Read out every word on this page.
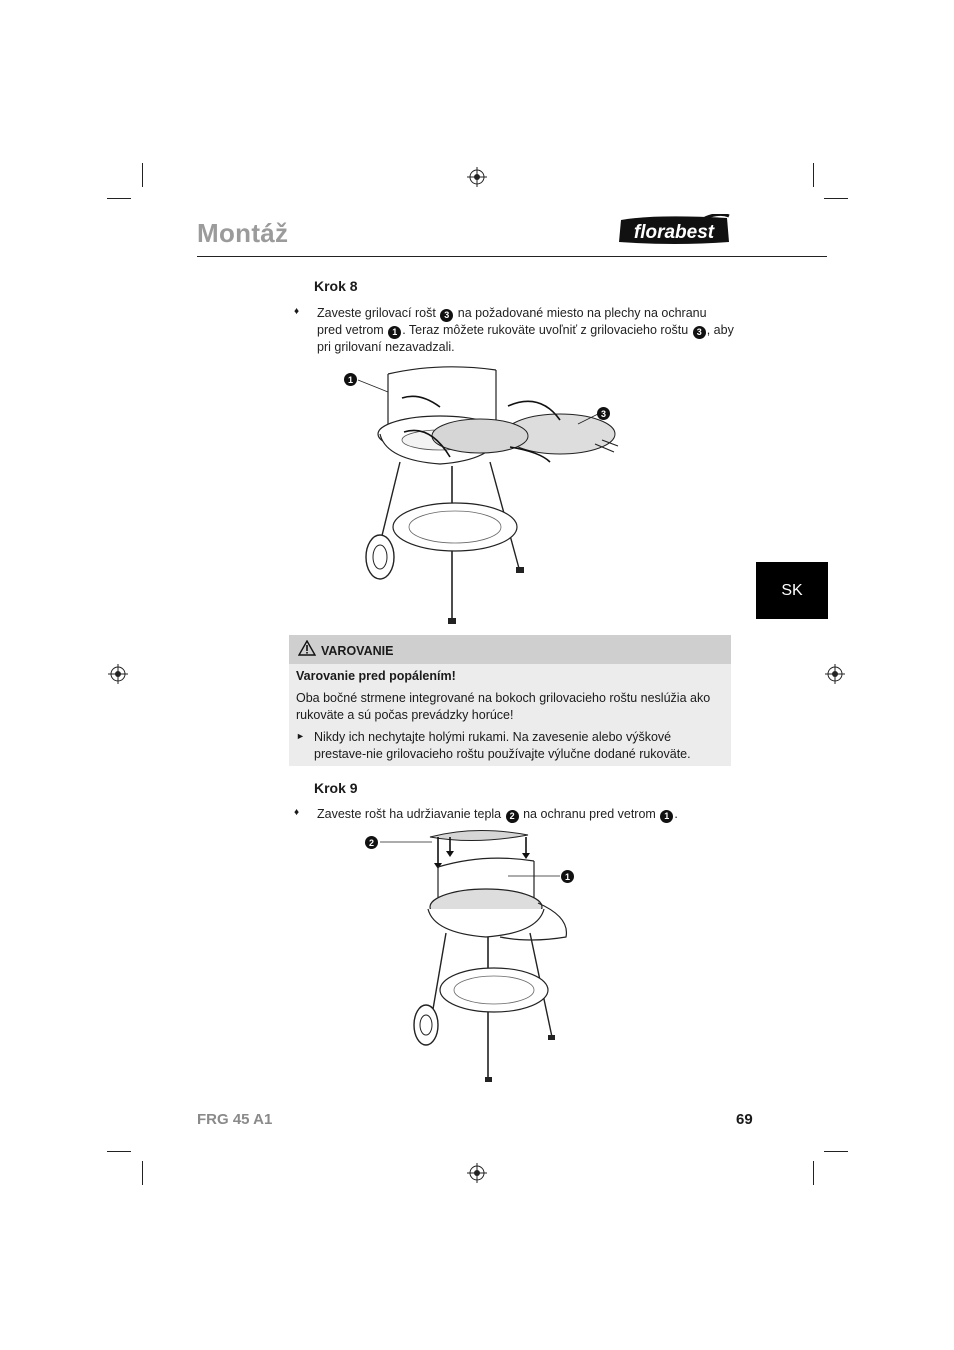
Montáž	florabest
SK
Krok 8
♦ Zaveste grilovací rošt 3 na požadované miesto na plechy na ochranu pred vetrom 1 . Teraz môžete rukoväte uvoľniť z grilovacieho roštu 3 , aby pri grilovaní nezavadzali.
1
3
VAROVANIE
Varovanie pred popálením!
Oba bočné strmene integrované na bokoch grilovacieho roštu neslúžia ako rukoväte a sú počas prevádzky horúce!
► Nikdy ich nechytajte holými rukami. Na zavesenie alebo výškové prestave-nie grilovacieho roštu používajte výlučne dodané rukoväte.
Krok 9
♦ Zaveste rošt ha udržiavanie tepla 2 na ochranu pred vetrom 1 .
2
1
FRG 45 A1	69
